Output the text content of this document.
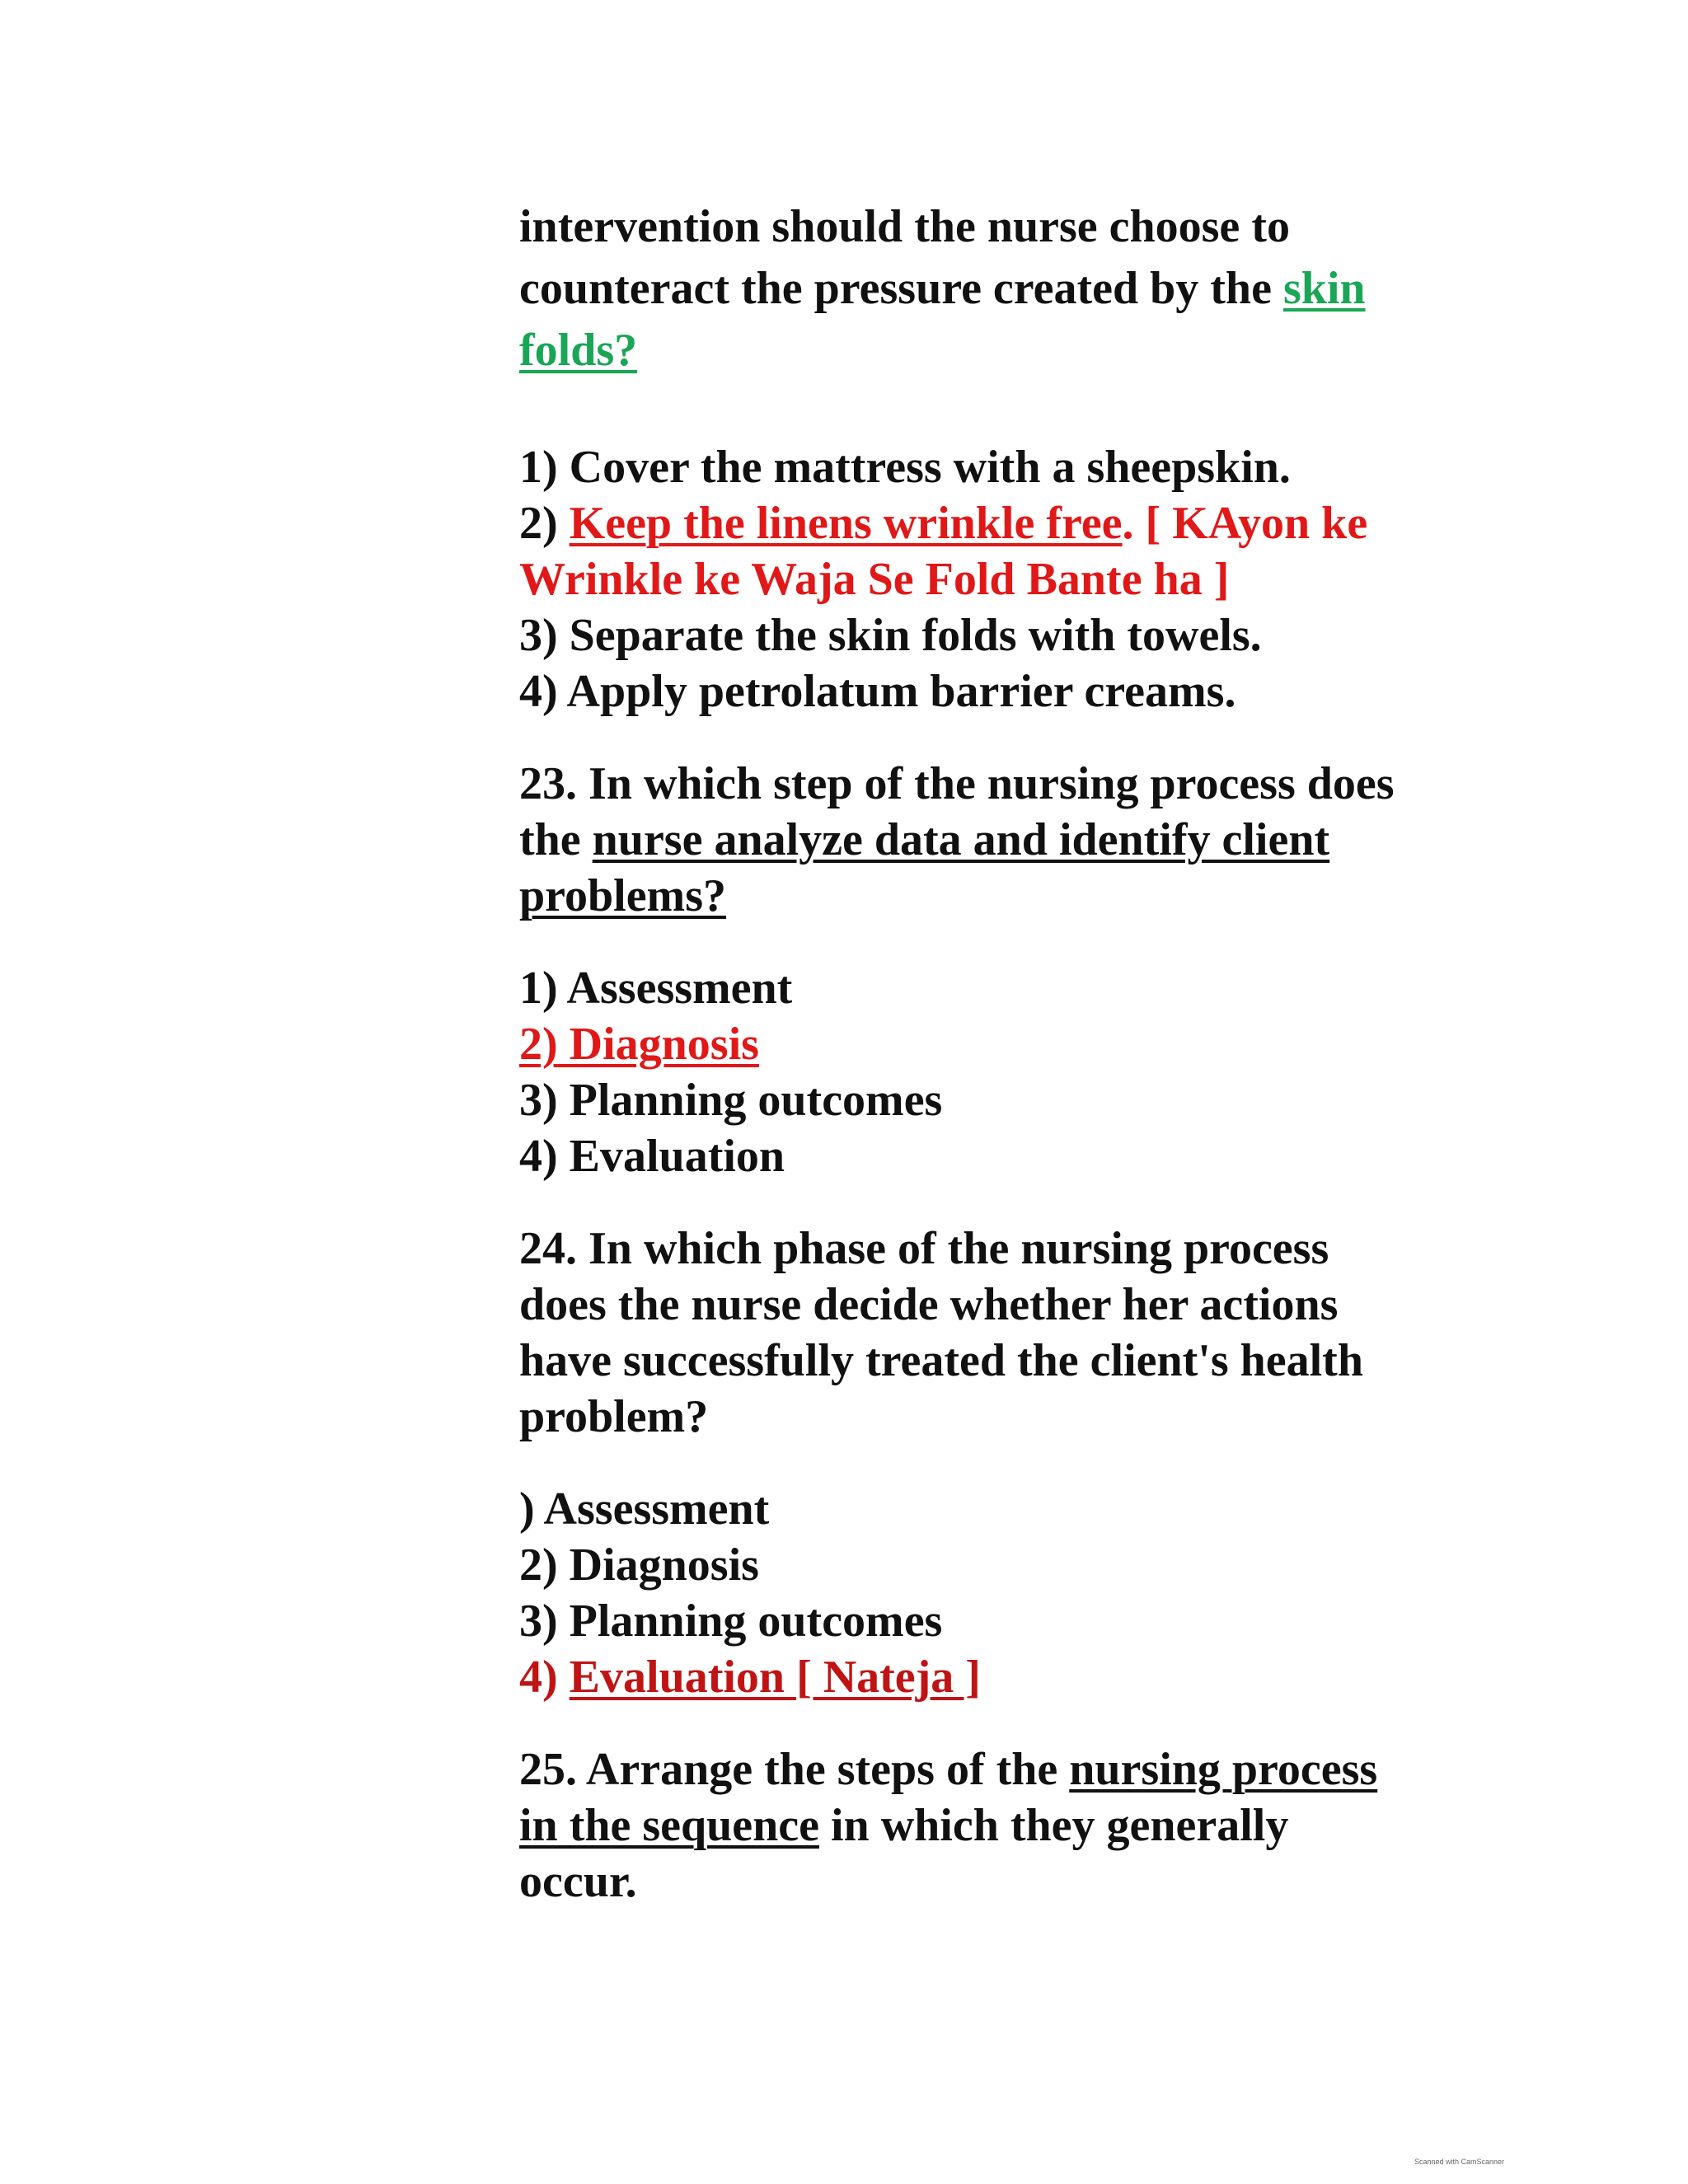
intervention should the nurse choose to
counteract the pressure created by the skin
folds?
1) Cover the mattress with a sheepskin.
2) Keep the linens wrinkle free. [ KAyon ke
Wrinkle ke Waja Se Fold Bante ha ]
3) Separate the skin folds with towels.
4) Apply petrolatum barrier creams.
23. In which step of the nursing process does
the nurse analyze data and identify client
problems?
1) Assessment
2) Diagnosis
3) Planning outcomes
4) Evaluation
24. In which phase of the nursing process
does the nurse decide whether her actions
have successfully treated the client's health
problem?
) Assessment
2) Diagnosis
3) Planning outcomes
4) Evaluation [ Nateja ]
25. Arrange the steps of the nursing process
in the sequence in which they generally
occur.
Scanned with CamScanner
